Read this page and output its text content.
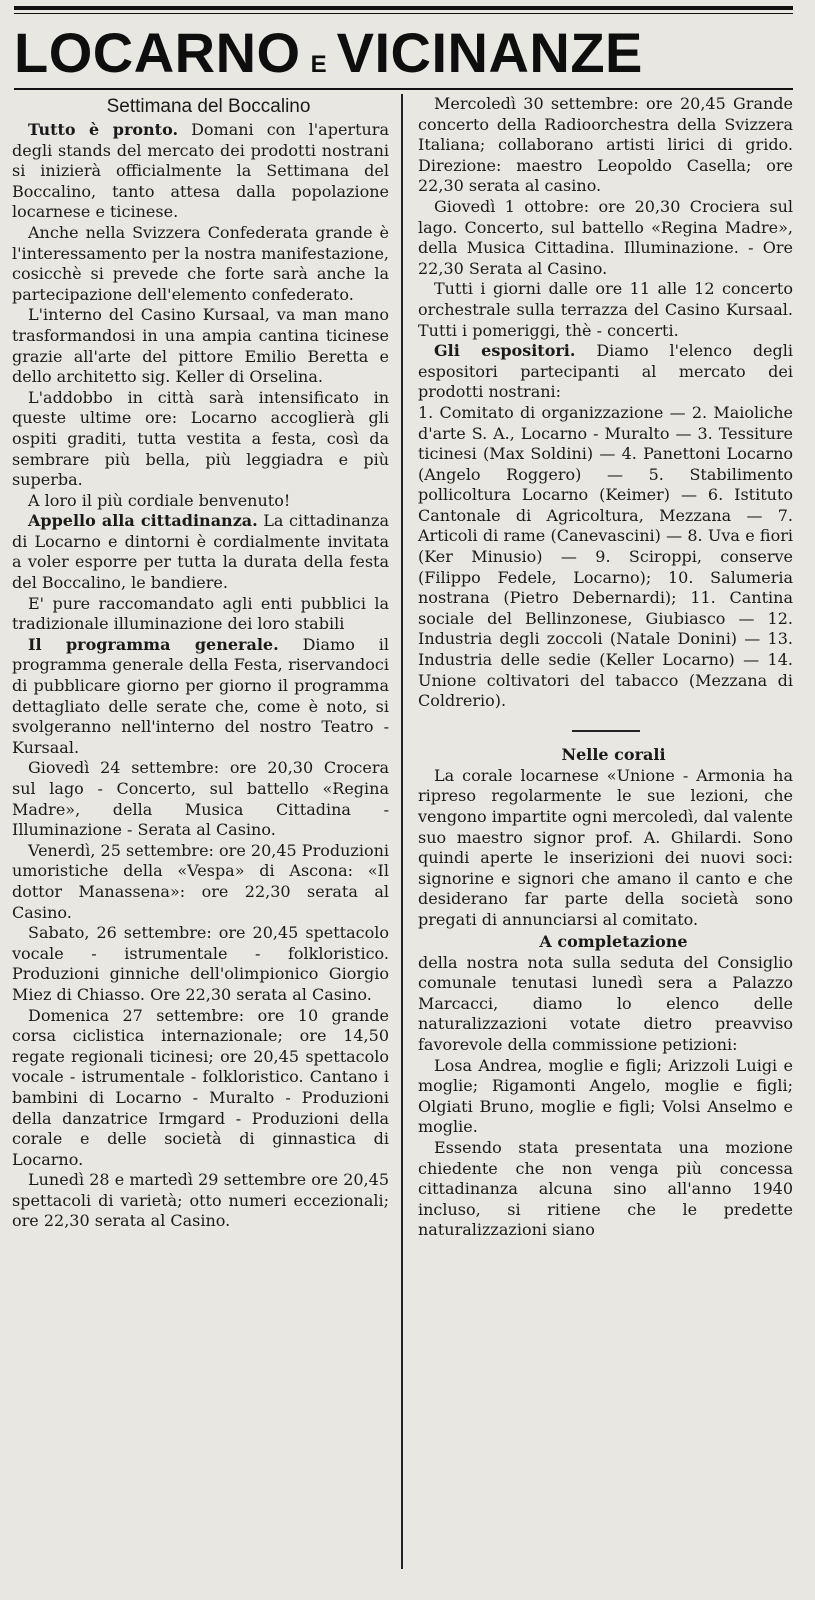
LOCARNO E VICINANZE

Settimana del Boccalino

Tutto è pronto. Domani con l'apertura degli stands del mercato dei prodotti nostrani si inizierà officialmente la Settimana del Boccalino, tanto attesa dalla popolazione locarnese e ticinese.

Anche nella Svizzera Confederata grande è l'interessamento per la nostra manifestazione, cosicchè si prevede che forte sarà anche la partecipazione dell'elemento confederato.

L'interno del Casino Kursaal, va man mano trasformandosi in una ampia cantina ticinese grazie all'arte del pittore Emilio Beretta e dello architetto sig. Keller di Orselina.

L'addobbo in città sarà intensificato in queste ultime ore: Locarno accoglierà gli ospiti graditi, tutta vestita a festa, così da sembrare più bella, più leggiadra e più superba.

A loro il più cordiale benvenuto!

Appello alla cittadinanza. La cittadinanza di Locarno e dintorni è cordialmente invitata a voler esporre per tutta la durata della festa del Boccalino, le bandiere.

E' pure raccomandato agli enti pubblici la tradizionale illuminazione dei loro stabili

Il programma generale. Diamo il programma generale della Festa, riservandoci di pubblicare giorno per giorno il programma dettagliato delle serate che, come è noto, si svolgeranno nell'interno del nostro Teatro - Kursaal.

Giovedì 24 settembre: ore 20,30 Crocera sul lago - Concerto, sul battello «Regina Madre», della Musica Cittadina - Illuminazione - Serata al Casino.

Venerdì, 25 settembre: ore 20,45 Produzioni umoristiche della «Vespa» di Ascona: «Il dottor Manassena»: ore 22,30 serata al Casino.

Sabato, 26 settembre: ore 20,45 spettacolo vocale - istrumentale - folkloristico. Produzioni ginniche dell'olimpionico Giorgio Miez di Chiasso. Ore 22,30 serata al Casino.

Domenica 27 settembre: ore 10 grande corsa ciclistica internazionale; ore 14,50 regate regionali ticinesi; ore 20,45 spettacolo vocale - istrumentale - folkloristico. Cantano i bambini di Locarno - Muralto - Produzioni della danzatrice Irmgard - Produzioni della corale e delle società di ginnastica di Locarno.

Lunedì 28 e martedì 29 settembre ore 20,45 spettacoli di varietà; otto numeri eccezionali; ore 22,30 serata al Casino.

Mercoledì 30 settembre: ore 20,45 Grande concerto della Radioorchestra della Svizzera Italiana; collaborano artisti lirici di grido. Direzione: maestro Leopoldo Casella; ore 22,30 serata al casino.

Giovedì 1 ottobre: ore 20,30 Crociera sul lago. Concerto, sul battello «Regina Madre», della Musica Cittadina. Illuminazione. - Ore 22,30 Serata al Casino.

Tutti i giorni dalle ore 11 alle 12 concerto orchestrale sulla terrazza del Casino Kursaal. Tutti i pomeriggi, thè - concerti.

Gli espositori. Diamo l'elenco degli espositori partecipanti al mercato dei prodotti nostrani:

1. Comitato di organizzazione — 2. Maioliche d'arte S. A., Locarno - Muralto — 3. Tessiture ticinesi (Max Soldini) — 4. Panettoni Locarno (Angelo Roggero) — 5. Stabilimento pollicoltura Locarno (Keimer) — 6. Istituto Cantonale di Agricoltura, Mezzana — 7. Articoli di rame (Canevascini) — 8. Uva e fiori (Ker Minusio) — 9. Sciroppi, conserve (Filippo Fedele, Locarno); 10. Salumeria nostrana (Pietro Debernardi); 11. Cantina sociale del Bellinzonese, Giubiasco — 12. Industria degli zoccoli (Natale Donini) — 13. Industria delle sedie (Keller Locarno) — 14. Unione coltivatori del tabacco (Mezzana di Coldrerio).

Nelle corali

La corale locarnese «Unione - Armonia ha ripreso regolarmente le sue lezioni, che vengono impartite ogni mercoledì, dal valente suo maestro signor prof. A. Ghilardi. Sono quindi aperte le inserizioni dei nuovi soci: signorine e signori che amano il canto e che desiderano far parte della società sono pregati di annunciarsi al comitato.

A completazione

della nostra nota sulla seduta del Consiglio comunale tenutasi lunedì sera a Palazzo Marcacci, diamo lo elenco delle naturalizzazioni votate dietro preavviso favorevole della commissione petizioni:

Losa Andrea, moglie e figli; Arizzoli Luigi e moglie; Rigamonti Angelo, moglie e figli; Olgiati Bruno, moglie e figli; Volsi Anselmo e moglie.

Essendo stata presentata una mozione chiedente che non venga più concessa cittadinanza alcuna sino all'anno 1940 incluso, si ritiene che le predette naturalizzazioni siano
